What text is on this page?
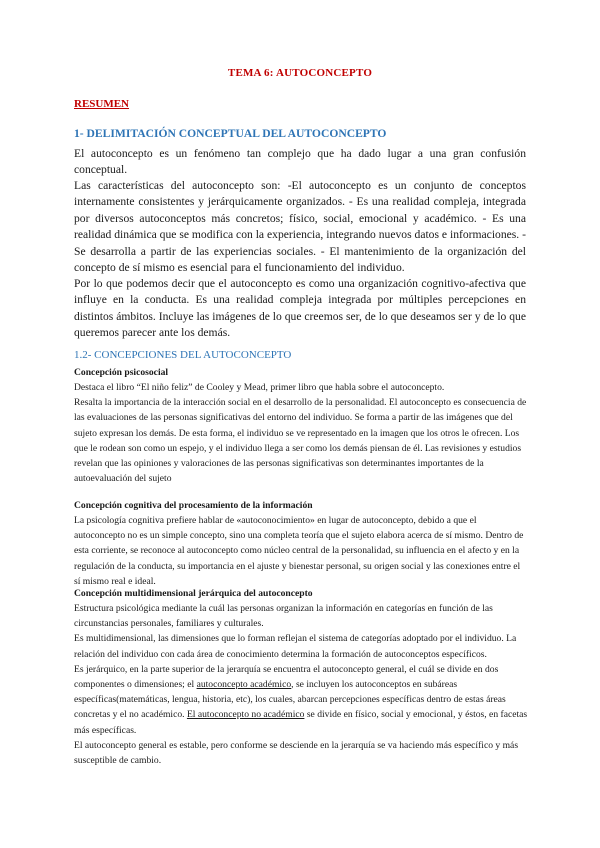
TEMA 6: AUTOCONCEPTO
RESUMEN
1- DELIMITACIÓN CONCEPTUAL DEL AUTOCONCEPTO

El autoconcepto es un fenómeno tan complejo que ha dado lugar a una gran confusión conceptual.

Las características del autoconcepto son: -El autoconcepto es un conjunto de conceptos internamente consistentes y jerárquicamente organizados. - Es una realidad compleja, integrada por diversos autoconceptos más concretos; físico, social, emocional y académico. - Es una realidad dinámica que se modifica con la experiencia, integrando nuevos datos e informaciones. - Se desarrolla a partir de las experiencias sociales. - El mantenimiento de la organización del concepto de sí mismo es esencial para el funcionamiento del individuo.

Por lo que podemos decir que el autoconcepto es como una organización cognitivo-afectiva que influye en la conducta. Es una realidad compleja integrada por múltiples percepciones en distintos ámbitos. Incluye las imágenes de lo que creemos ser, de lo que deseamos ser y de lo que queremos parecer ante los demás.

1.2- CONCEPCIONES DEL AUTOCONCEPTO

Concepción psicosocial

Destaca el libro “El niño feliz” de Cooley y Mead, primer libro que habla sobre el autoconcepto.

Resalta la importancia de la interacción social en el desarrollo de la personalidad. El autoconcepto es consecuencia de las evaluaciones de las personas significativas del entorno del individuo. Se forma a partir de las imágenes que del sujeto expresan los demás. De esta forma, el individuo se ve representado en la imagen que los otros le ofrecen. Los que le rodean son como un espejo, y el individuo llega a ser como los demás piensan de él. Las revisiones y estudios revelan que las opiniones y valoraciones de las personas significativas son determinantes importantes de la autoevaluación del sujeto

Concepción cognitiva del procesamiento de la información

La psicología cognitiva prefiere hablar de «autoconocimiento» en lugar de autoconcepto, debido a que el autoconcepto no es un simple concepto, sino una completa teoría que el sujeto elabora acerca de sí mismo. Dentro de esta corriente, se reconoce al autoconcepto como núcleo central de la personalidad, su influencia en el afecto y en la regulación de la conducta, su importancia en el ajuste y bienestar personal, su origen social y las conexiones entre el sí mismo real e ideal.

Concepción multidimensional jerárquica del autoconcepto

Estructura psicológica mediante la cuál las personas organizan la información en categorías en función de las circunstancias personales, familiares y culturales.

Es multidimensional, las dimensiones que lo forman reflejan el sistema de categorías adoptado por el individuo. La relación del individuo con cada área de conocimiento determina la formación de autoconceptos específicos.

Es jerárquico, en la parte superior de la jerarquía se encuentra el autoconcepto general, el cuál se divide en dos componentes o dimensiones; el autoconcepto académico, se incluyen los autoconceptos en subáreas específicas(matemáticas, lengua, historia, etc), los cuales, abarcan percepciones específicas dentro de estas áreas concretas y el no académico. El autoconcepto no académico se divide en físico, social y emocional, y éstos, en facetas más específicas.

El autoconcepto general es estable, pero conforme se desciende en la jerarquía se va haciendo más específico y más susceptible de cambio.
